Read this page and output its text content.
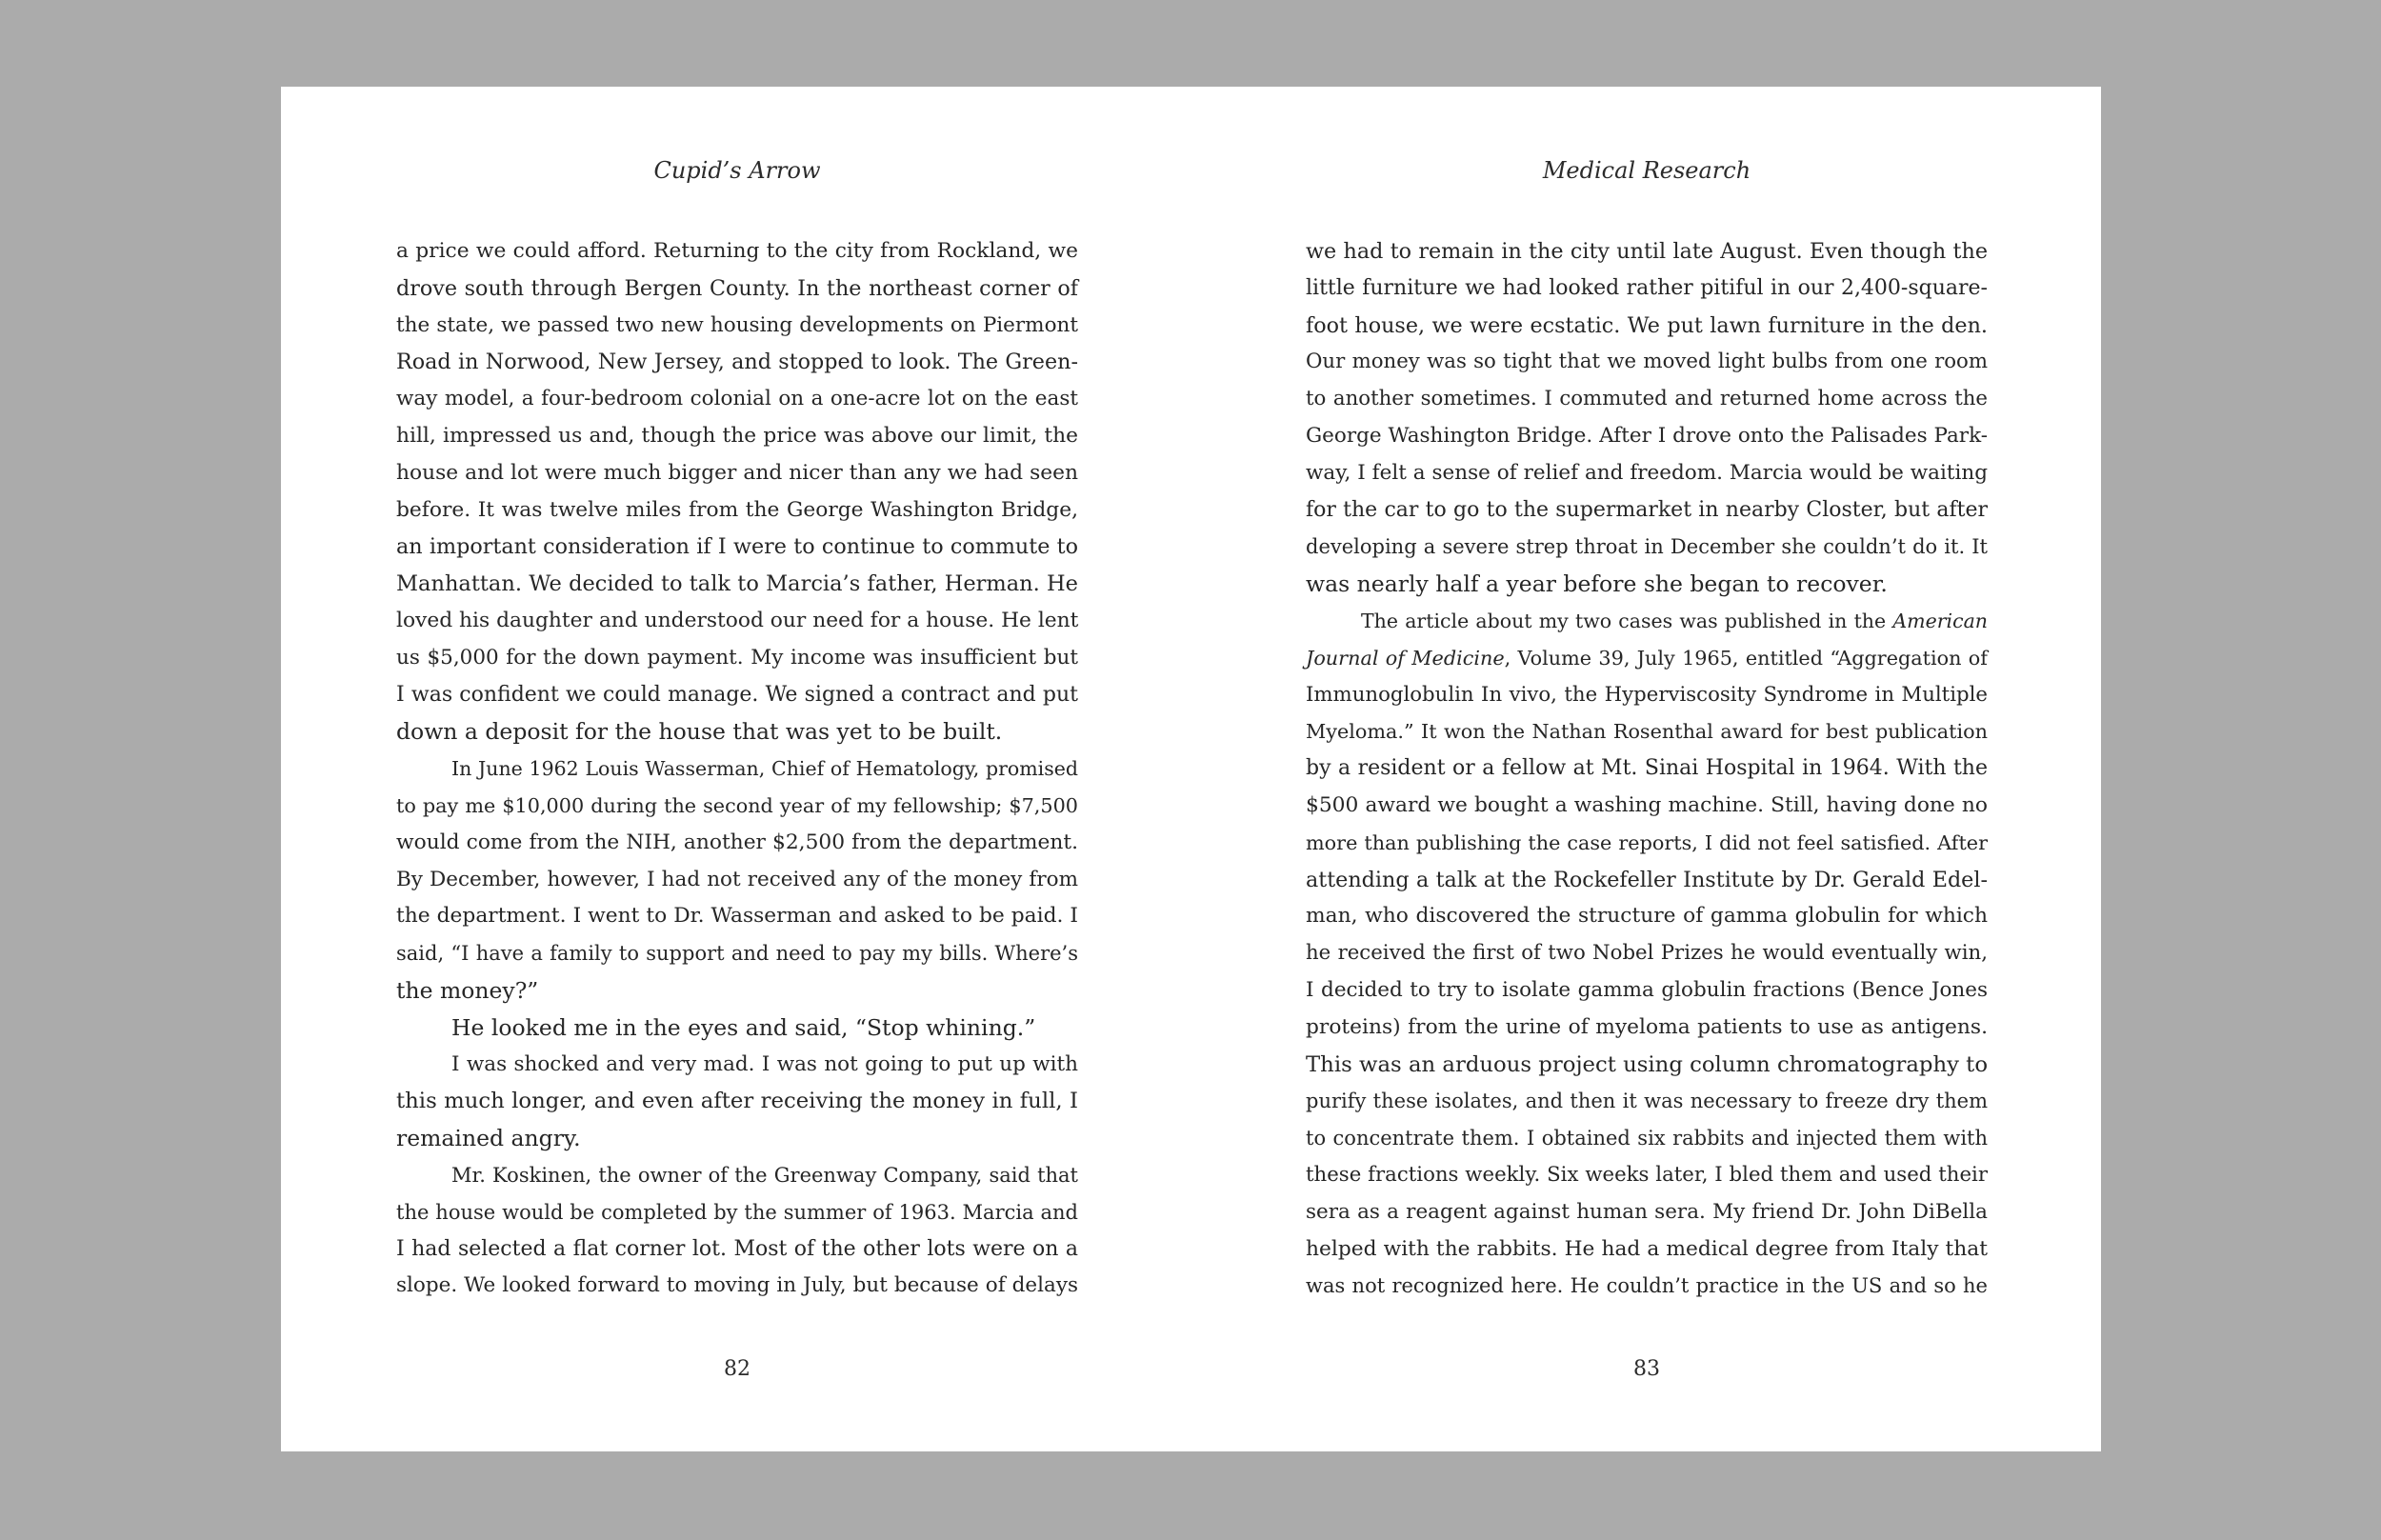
Cupid’s Arrow
a price we could afford. Returning to the city from Rockland, we
drove south through Bergen County. In the northeast corner of
the state, we passed two new housing developments on Piermont
Road in Norwood, New Jersey, and stopped to look. The Green-
way model, a four-bedroom colonial on a one-acre lot on the east
hill, impressed us and, though the price was above our limit, the
house and lot were much bigger and nicer than any we had seen
before. It was twelve miles from the George Washington Bridge,
an important consideration if I were to continue to commute to
Manhattan. We decided to talk to Marcia’s father, Herman. He
loved his daughter and understood our need for a house. He lent
us $5,000 for the down payment. My income was insufficient but
I was confident we could manage. We signed a contract and put
down a deposit for the house that was yet to be built.
In June 1962 Louis Wasserman, Chief of Hematology, promised
to pay me $10,000 during the second year of my fellowship; $7,500
would come from the NIH, another $2,500 from the department.
By December, however, I had not received any of the money from
the department. I went to Dr. Wasserman and asked to be paid. I
said, “I have a family to support and need to pay my bills. Where’s
the money?”
He looked me in the eyes and said, “Stop whining.”
I was shocked and very mad. I was not going to put up with
this much longer, and even after receiving the money in full, I
remained angry.
Mr. Koskinen, the owner of the Greenway Company, said that
the house would be completed by the summer of 1963. Marcia and
I had selected a flat corner lot. Most of the other lots were on a
slope. We looked forward to moving in July, but because of delays
82
Medical Research
we had to remain in the city until late August. Even though the
little furniture we had looked rather pitiful in our 2,400-square-
foot house, we were ecstatic. We put lawn furniture in the den.
Our money was so tight that we moved light bulbs from one room
to another sometimes. I commuted and returned home across the
George Washington Bridge. After I drove onto the Palisades Park-
way, I felt a sense of relief and freedom. Marcia would be waiting
for the car to go to the supermarket in nearby Closter, but after
developing a severe strep throat in December she couldn’t do it. It
was nearly half a year before she began to recover.
The article about my two cases was published in the American
Journal of Medicine, Volume 39, July 1965, entitled “Aggregation of
Immunoglobulin In vivo, the Hyperviscosity Syndrome in Multiple
Myeloma.” It won the Nathan Rosenthal award for best publication
by a resident or a fellow at Mt. Sinai Hospital in 1964. With the
$500 award we bought a washing machine. Still, having done no
more than publishing the case reports, I did not feel satisfied. After
attending a talk at the Rockefeller Institute by Dr. Gerald Edel-
man, who discovered the structure of gamma globulin for which
he received the first of two Nobel Prizes he would eventually win,
I decided to try to isolate gamma globulin fractions (Bence Jones
proteins) from the urine of myeloma patients to use as antigens.
This was an arduous project using column chromatography to
purify these isolates, and then it was necessary to freeze dry them
to concentrate them. I obtained six rabbits and injected them with
these fractions weekly. Six weeks later, I bled them and used their
sera as a reagent against human sera. My friend Dr. John DiBella
helped with the rabbits. He had a medical degree from Italy that
was not recognized here. He couldn’t practice in the US and so he
83
